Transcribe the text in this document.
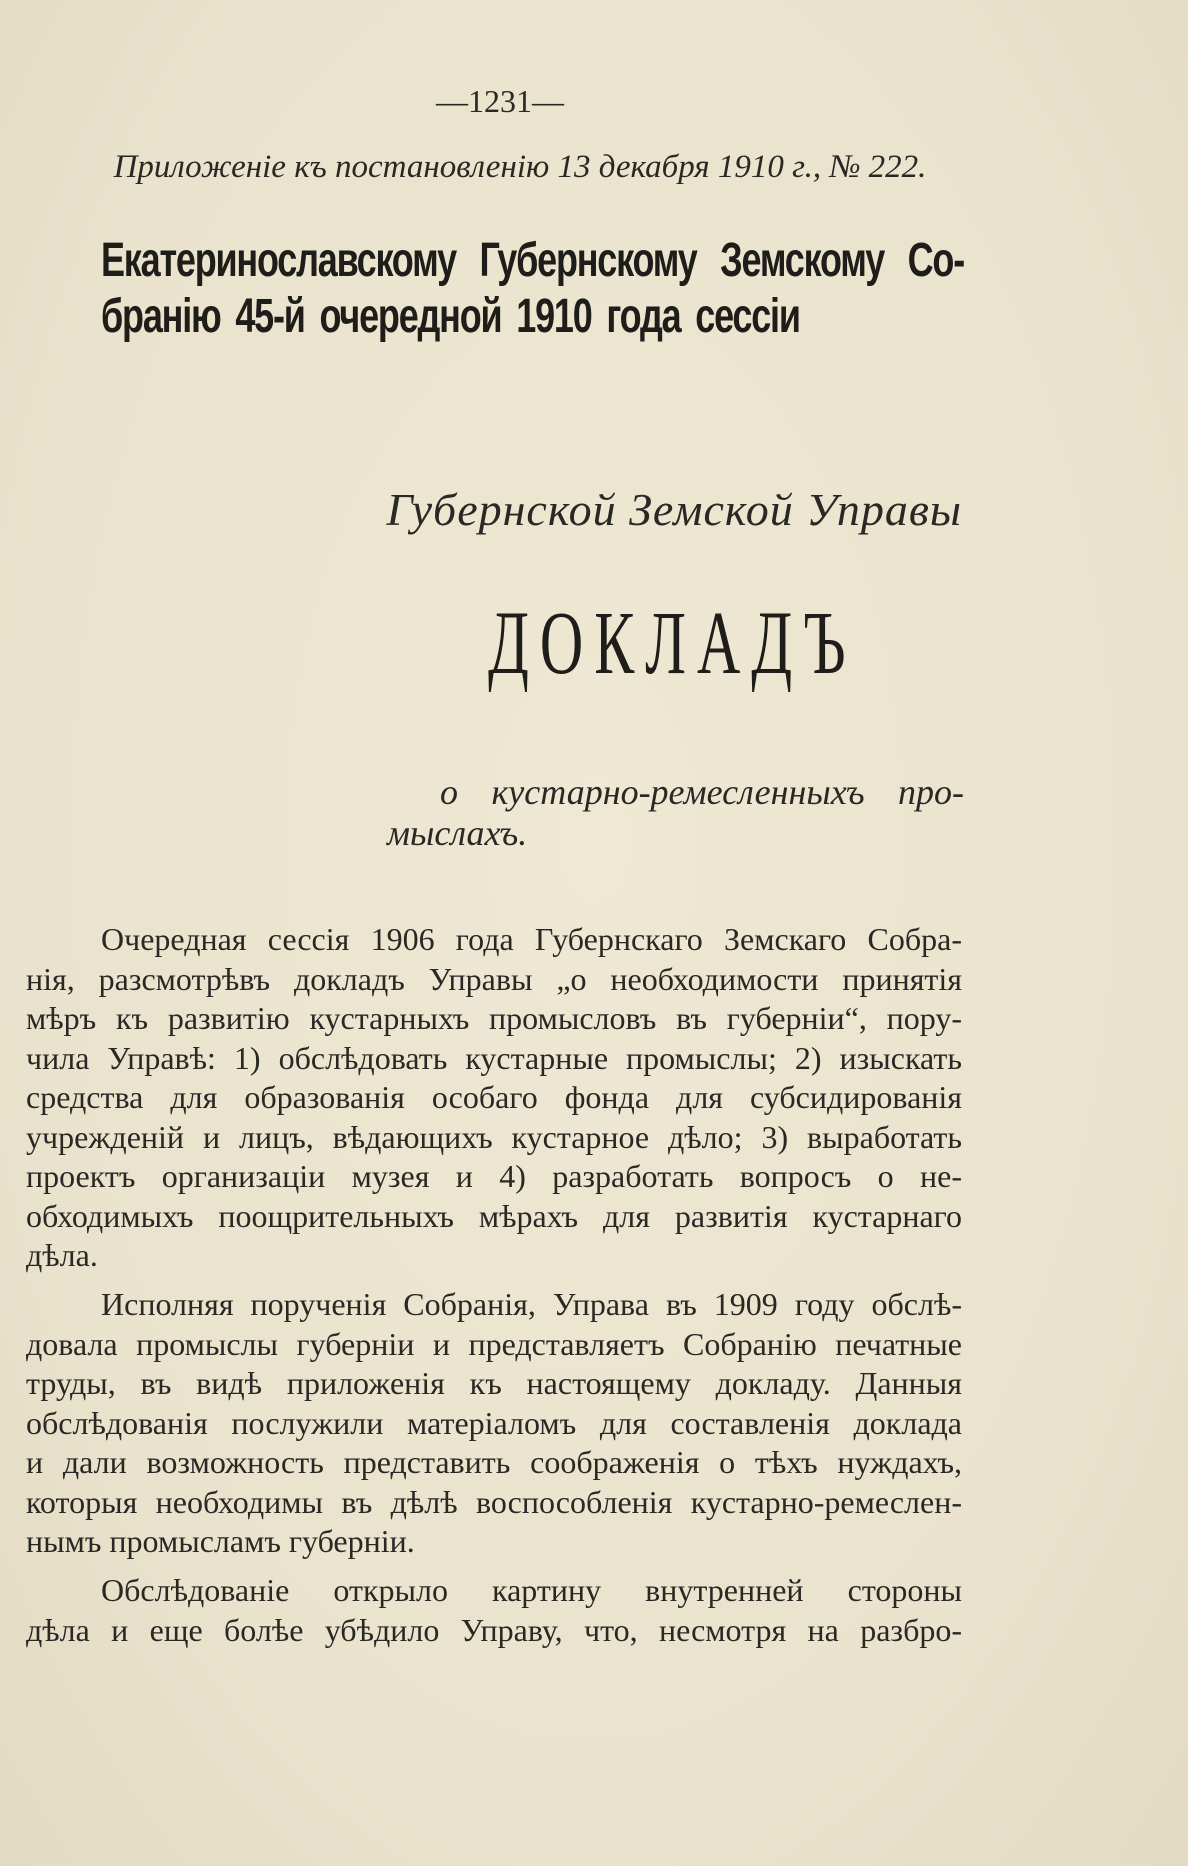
—1231—
Приложеніе къ постановленію 13 декабря 1910 г., № 222.
Екатеринославскому Губернскому Земскому Со-
бранію 45-й очередной 1910 года сессіи
Губернской Земской Управы
ДОКЛАДЪ
о кустарно-ремесленныхъ про-
мыслахъ.
Очередная сессія 1906 года Губернскаго Земскаго Собра-
нія, разсмотрѣвъ докладъ Управы „о необходимости принятія
мѣръ къ развитію кустарныхъ промысловъ въ губерніи“, пору-
чила Управѣ: 1) обслѣдовать кустарные промыслы; 2) изыскать
средства для образованія особаго фонда для субсидированія
учрежденій и лицъ, вѣдающихъ кустарное дѣло; 3) выработать
проектъ организаціи музея и 4) разработать вопросъ о не-
обходимыхъ поощрительныхъ мѣрахъ для развитія кустарнаго
дѣла.
Исполняя порученія Собранія, Управа въ 1909 году обслѣ-
довала промыслы губерніи и представляетъ Собранію печатные
труды, въ видѣ приложенія къ настоящему докладу. Данныя
обслѣдованія послужили матеріаломъ для составленія доклада
и дали возможность представить соображенія о тѣхъ нуждахъ,
которыя необходимы въ дѣлѣ воспособленія кустарно-ремеслен-
нымъ промысламъ губерніи.
Обслѣдованіе открыло картину внутренней стороны
дѣла и еще болѣе убѣдило Управу, что, несмотря на разбро-
